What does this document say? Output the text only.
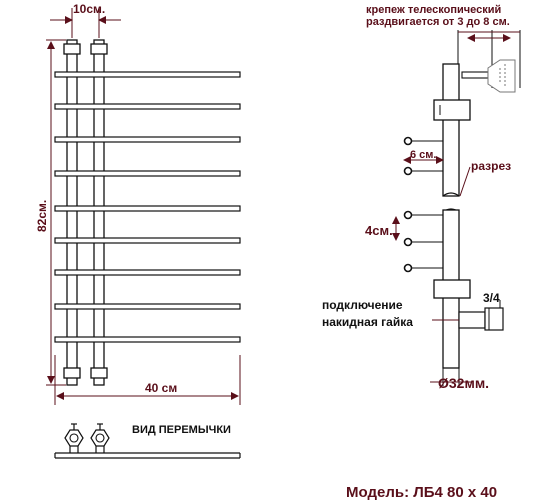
10см.
82см.
40 см
ВИД ПЕРЕМЫЧКИ
крепеж телескопический
раздвигается от 3 до 8 см.
разрез
6 см.
4см.
подключение
накидная гайка
3/4
Ø32мм.
Модель: ЛБ4 80 х 40
